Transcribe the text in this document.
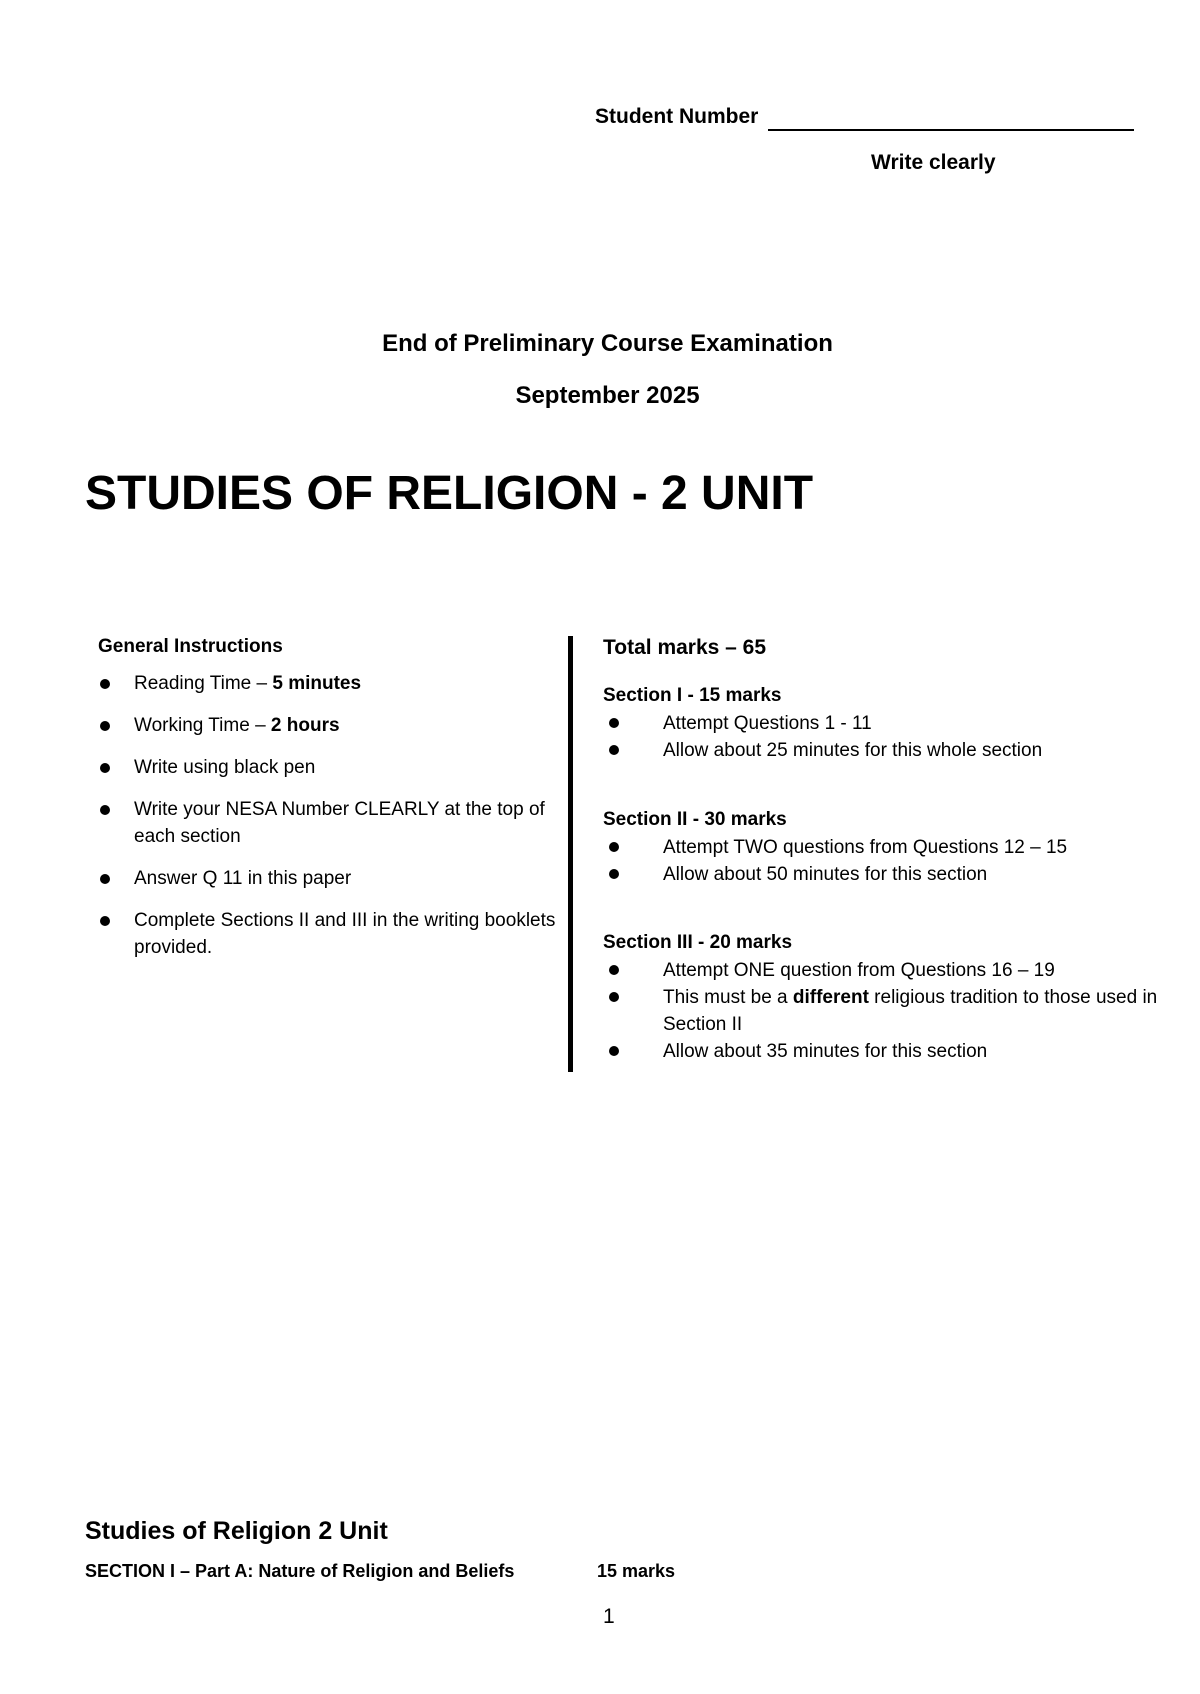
Student Number
Write clearly
End of Preliminary Course Examination
September 2025
STUDIES OF RELIGION - 2 UNIT
General Instructions
Reading Time – 5 minutes
Working Time – 2 hours
Write using black pen
Write your NESA Number CLEARLY at the top of each section
Answer Q 11 in this paper
Complete Sections II and III in the writing booklets provided.
Total marks – 65
Section I - 15 marks
Attempt Questions 1 - 11
Allow about 25 minutes for this whole section
Section II - 30 marks
Attempt TWO questions from Questions 12 – 15
Allow about 50 minutes for this section
Section III - 20 marks
Attempt ONE question from Questions 16 – 19
This must be a different religious tradition to those used in Section II
Allow about 35 minutes for this section
Studies of Religion 2 Unit
SECTION I – Part A: Nature of Religion and Beliefs	15 marks
1
